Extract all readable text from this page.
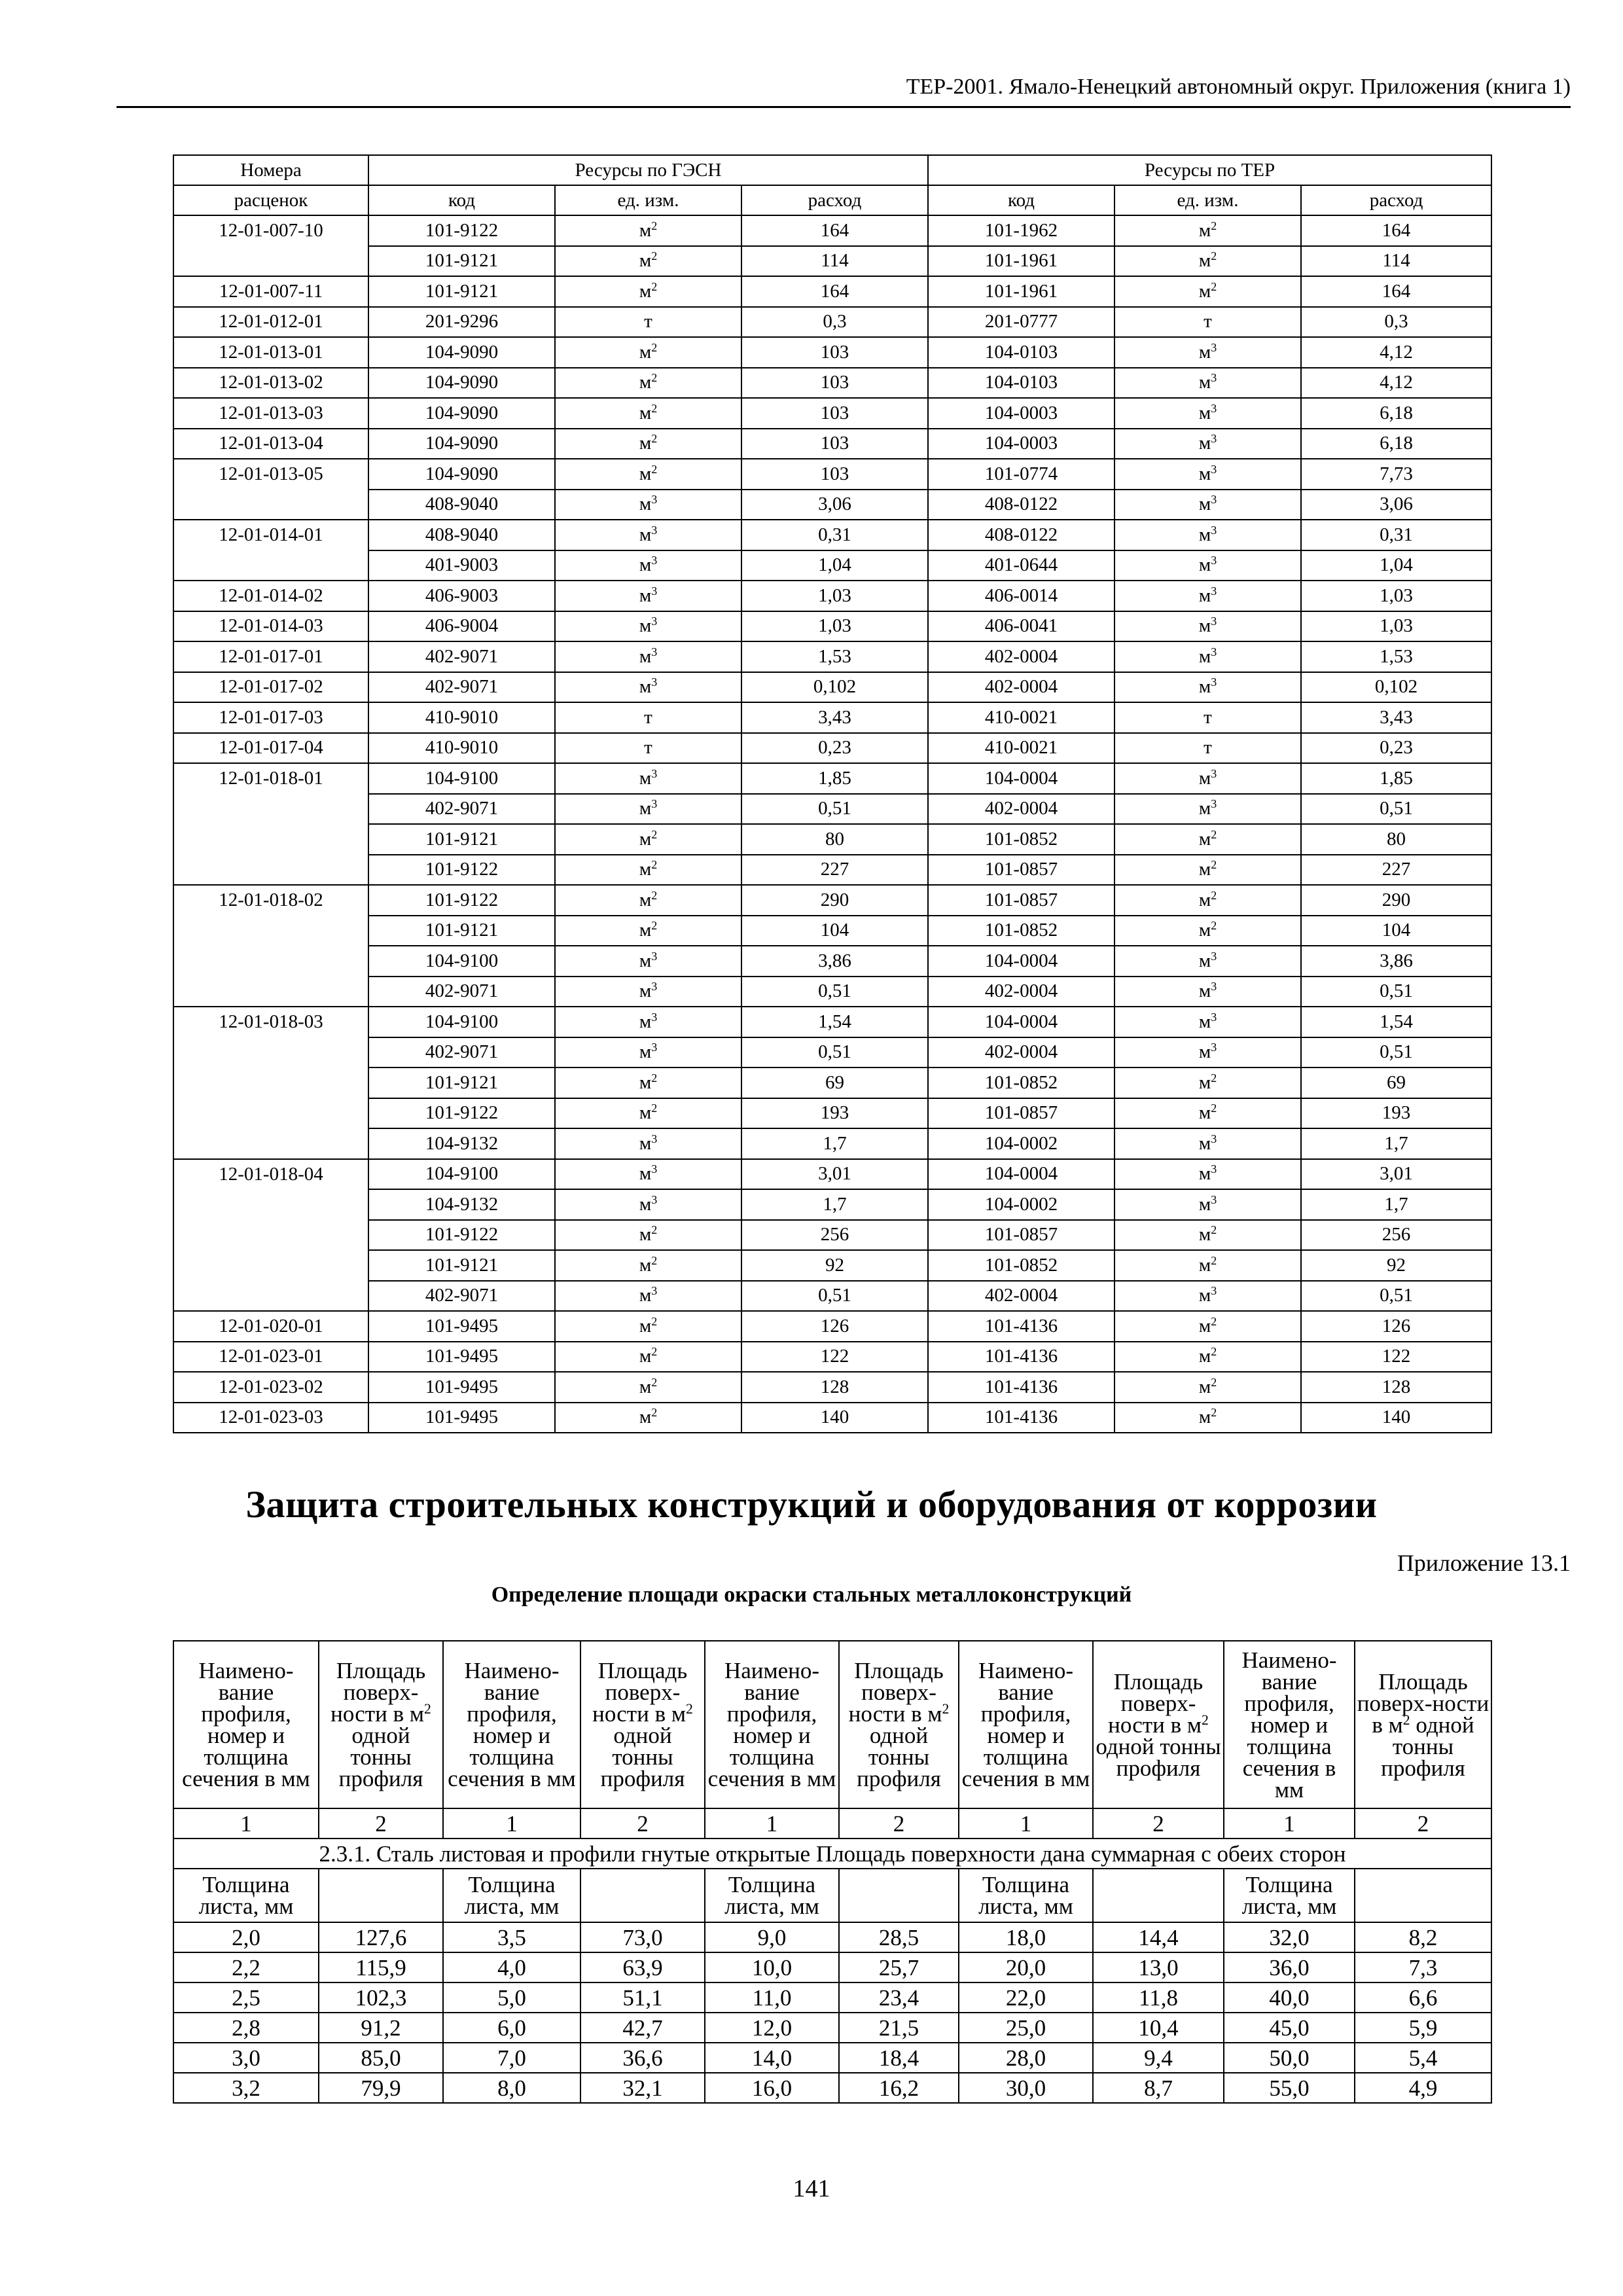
ТЕР-2001. Ямало-Ненецкий автономный округ. Приложения (книга 1)
Номера	Ресурсы по ГЭСН			Ресурсы по ТЕР		
расценок	код	ед. изм.	расход	код	ед. изм.	расход
12-01-007-10	101-9122	$м^2$	164	101-1962	$м^2$	164
	101-9121	$м^2$	114	101-1961	$м^2$	114
12-01-007-11	101-9121	$м^2$	164	101-1961	$м^2$	164
12-01-012-01	201-9296	т	0,3	201-0777	т	0,3
12-01-013-01	104-9090	$м^2$	103	104-0103	$м^3$	4,12
12-01-013-02	104-9090	$м^2$	103	104-0103	$м^3$	4,12
12-01-013-03	104-9090	$м^2$	103	104-0003	$м^3$	6,18
12-01-013-04	104-9090	$м^2$	103	104-0003	$м^3$	6,18
12-01-013-05	104-9090	$м^2$	103	101-0774	$м^3$	7,73
	408-9040	$м^3$	3,06	408-0122	$м^3$	3,06
12-01-014-01	408-9040	$м^3$	0,31	408-0122	$м^3$	0,31
	401-9003	$м^3$	1,04	401-0644	$м^3$	1,04
12-01-014-02	406-9003	$м^3$	1,03	406-0014	$м^3$	1,03
12-01-014-03	406-9004	$м^3$	1,03	406-0041	$м^3$	1,03
12-01-017-01	402-9071	$м^3$	1,53	402-0004	$м^3$	1,53
12-01-017-02	402-9071	$м^3$	0,102	402-0004	$м^3$	0,102
12-01-017-03	410-9010	т	3,43	410-0021	т	3,43
12-01-017-04	410-9010	т	0,23	410-0021	т	0,23
12-01-018-01	104-9100	$м^3$	1,85	104-0004	$м^3$	1,85
	402-9071	$м^3$	0,51	402-0004	$м^3$	0,51
	101-9121	$м^2$	80	101-0852	$м^2$	80
	101-9122	$м^2$	227	101-0857	$м^2$	227
12-01-018-02	101-9122	$м^2$	290	101-0857	$м^2$	290
	101-9121	$м^2$	104	101-0852	$м^2$	104
	104-9100	$м^3$	3,86	104-0004	$м^3$	3,86
	402-9071	$м^3$	0,51	402-0004	$м^3$	0,51
12-01-018-03	104-9100	$м^3$	1,54	104-0004	$м^3$	1,54
	402-9071	$м^3$	0,51	402-0004	$м^3$	0,51
	101-9121	$м^2$	69	101-0852	$м^2$	69
	101-9122	$м^2$	193	101-0857	$м^2$	193
	104-9132	$м^3$	1,7	104-0002	$м^3$	1,7
12-01-018-04	104-9100	$м^3$	3,01	104-0004	$м^3$	3,01
	104-9132	$м^3$	1,7	104-0002	$м^3$	1,7
	101-9122	$м^2$	256	101-0857	$м^2$	256
	101-9121	$м^2$	92	101-0852	$м^2$	92
	402-9071	$м^3$	0,51	402-0004	$м^3$	0,51
12-01-020-01	101-9495	$м^2$	126	101-4136	$м^2$	126
12-01-023-01	101-9495	$м^2$	122	101-4136	$м^2$	122
12-01-023-02	101-9495	$м^2$	128	101-4136	$м^2$	128
12-01-023-03	101-9495	$м^2$	140	101-4136	$м^2$	140
Защита строительных конструкций и оборудования от коррозии
Приложение 13.1
Определение площади окраски стальных металлоконструкций
Наимено-вание профиля, номер и толщина сечения в мм	Площадь поверх-ности в $м^2$ одной тонны профиля	Наимено-вание профиля, номер и толщина сечения в мм	Площадь поверх-ности в $м^2$ одной тонны профиля	Наимено-вание профиля, номер и толщина сечения в мм	Площадь поверх-ности в $м^2$ одной тонны профиля	Наимено-вание профиля, номер и толщина сечения в мм	Площадь поверх-ности в $м^2$ одной тонны профиля	Наимено-вание профиля, номер и толщина сечения в мм	Площадь поверх-ности в $м^2$ одной тонны профиля
1	2	1	2	1	2	1	2	1	2
2.3.1. Сталь листовая и профили гнутые открытые Площадь поверхности дана суммарная с обеих сторон									
Толщина листа, мм		Толщина листа, мм		Толщина листа, мм		Толщина листа, мм		Толщина листа, мм	
2,0	127,6	3,5	73,0	9,0	28,5	18,0	14,4	32,0	8,2
2,2	115,9	4,0	63,9	10,0	25,7	20,0	13,0	36,0	7,3
2,5	102,3	5,0	51,1	11,0	23,4	22,0	11,8	40,0	6,6
2,8	91,2	6,0	42,7	12,0	21,5	25,0	10,4	45,0	5,9
3,0	85,0	7,0	36,6	14,0	18,4	28,0	9,4	50,0	5,4
3,2	79,9	8,0	32,1	16,0	16,2	30,0	8,7	55,0	4,9
141
